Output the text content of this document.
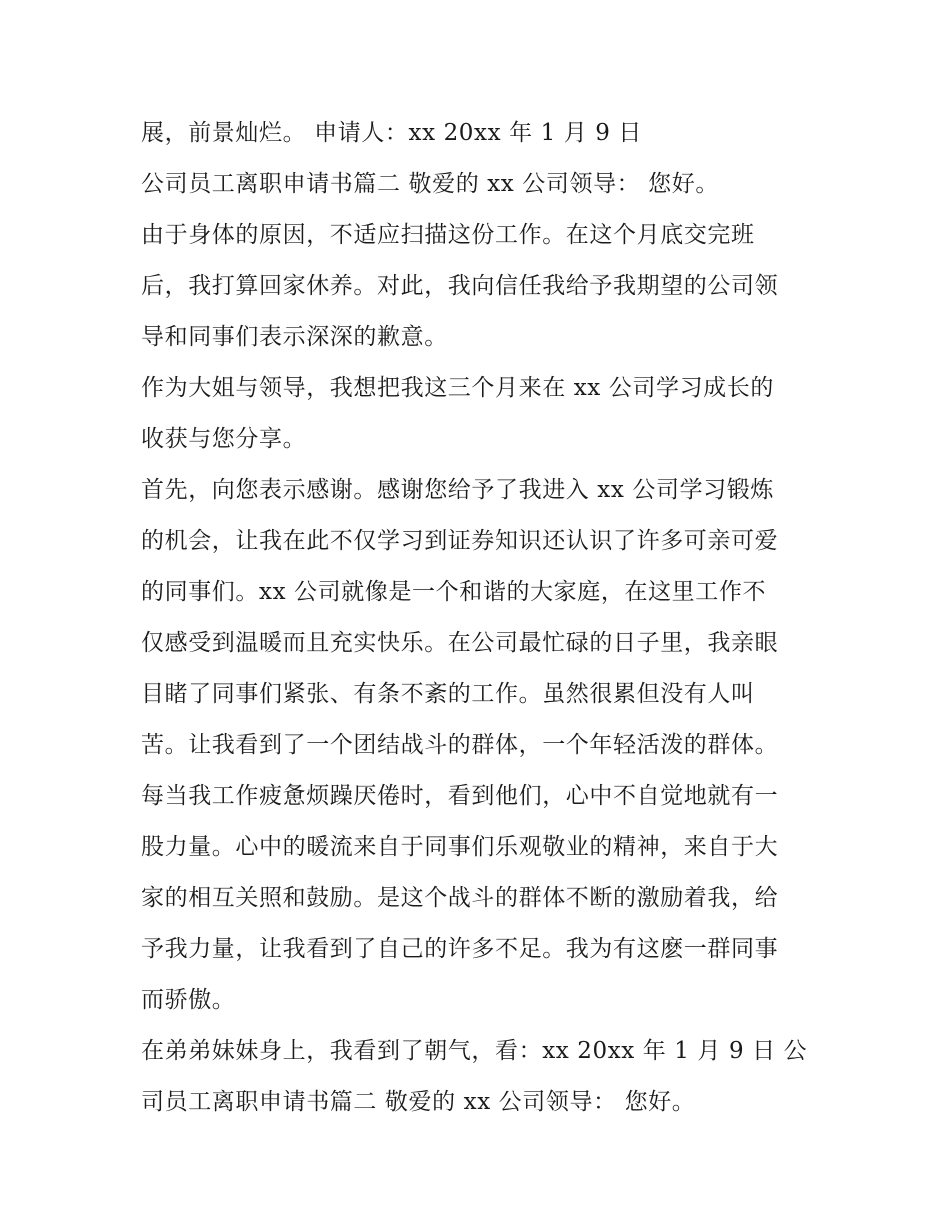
展，前景灿烂。 申请人：xx 20xx 年 1 月 9 日
公司员工离职申请书篇二 敬爱的 xx 公司领导： 您好。
由于身体的原因，不适应扫描这份工作。在这个月底交完班
后，我打算回家休养。对此，我向信任我给予我期望的公司领
导和同事们表示深深的歉意。
作为大姐与领导，我想把我这三个月来在 xx 公司学习成长的
收获与您分享。
首先，向您表示感谢。感谢您给予了我进入 xx 公司学习锻炼
的机会，让我在此不仅学习到证券知识还认识了许多可亲可爱
的同事们。xx 公司就像是一个和谐的大家庭，在这里工作不
仅感受到温暖而且充实快乐。在公司最忙碌的日子里，我亲眼
目睹了同事们紧张、有条不紊的工作。虽然很累但没有人叫
苦。让我看到了一个团结战斗的群体，一个年轻活泼的群体。
每当我工作疲惫烦躁厌倦时，看到他们，心中不自觉地就有一
股力量。心中的暖流来自于同事们乐观敬业的精神，来自于大
家的相互关照和鼓励。是这个战斗的群体不断的激励着我，给
予我力量，让我看到了自己的许多不足。我为有这麽一群同事
而骄傲。
在弟弟妹妹身上，我看到了朝气，看：xx 20xx 年 1 月 9 日 公
司员工离职申请书篇二 敬爱的 xx 公司领导： 您好。
